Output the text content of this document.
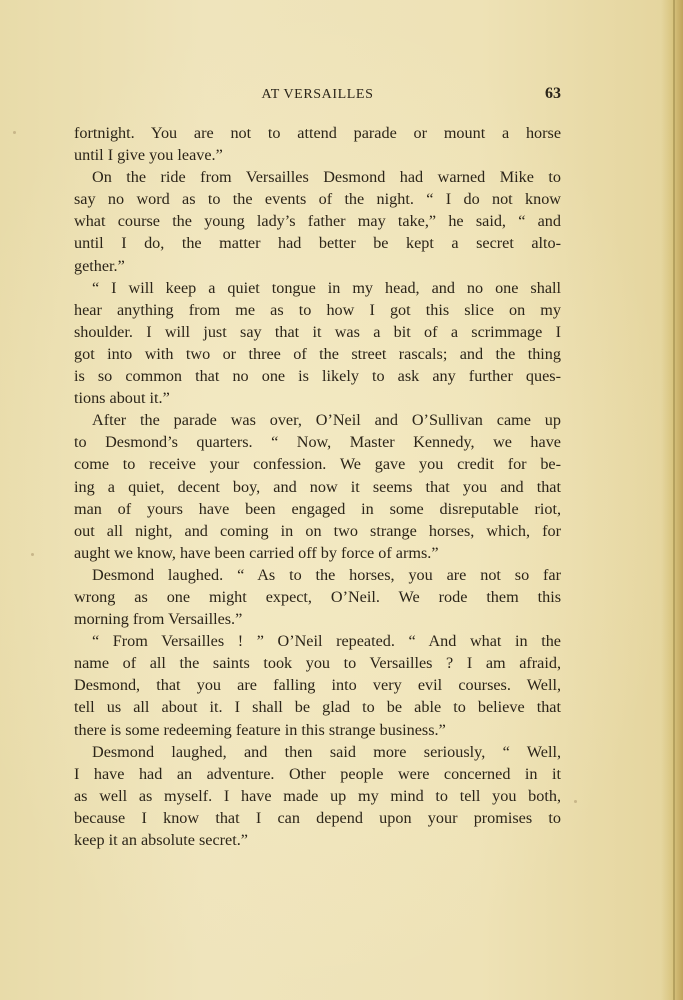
AT VERSAILLES	63
fortnight. You are not to attend parade or mount a horse
until I give you leave.”
On the ride from Versailles Desmond had warned Mike to
say no word as to the events of the night. “ I do not know
what course the young lady’s father may take,” he said, “ and
until I do, the matter had better be kept a secret alto-
gether.”
“ I will keep a quiet tongue in my head, and no one shall
hear anything from me as to how I got this slice on my
shoulder. I will just say that it was a bit of a scrimmage I
got into with two or three of the street rascals; and the thing
is so common that no one is likely to ask any further ques-
tions about it.”
After the parade was over, O’Neil and O’Sullivan came up
to Desmond’s quarters. “ Now, Master Kennedy, we have
come to receive your confession. We gave you credit for be-
ing a quiet, decent boy, and now it seems that you and that
man of yours have been engaged in some disreputable riot,
out all night, and coming in on two strange horses, which, for
aught we know, have been carried off by force of arms.”
Desmond laughed. “ As to the horses, you are not so far
wrong as one might expect, O’Neil. We rode them this
morning from Versailles.”
“ From Versailles ! ” O’Neil repeated. “ And what in the
name of all the saints took you to Versailles ? I am afraid,
Desmond, that you are falling into very evil courses. Well,
tell us all about it. I shall be glad to be able to believe that
there is some redeeming feature in this strange business.”
Desmond laughed, and then said more seriously, “ Well,
I have had an adventure. Other people were concerned in it
as well as myself. I have made up my mind to tell you both,
because I know that I can depend upon your promises to
keep it an absolute secret.”
